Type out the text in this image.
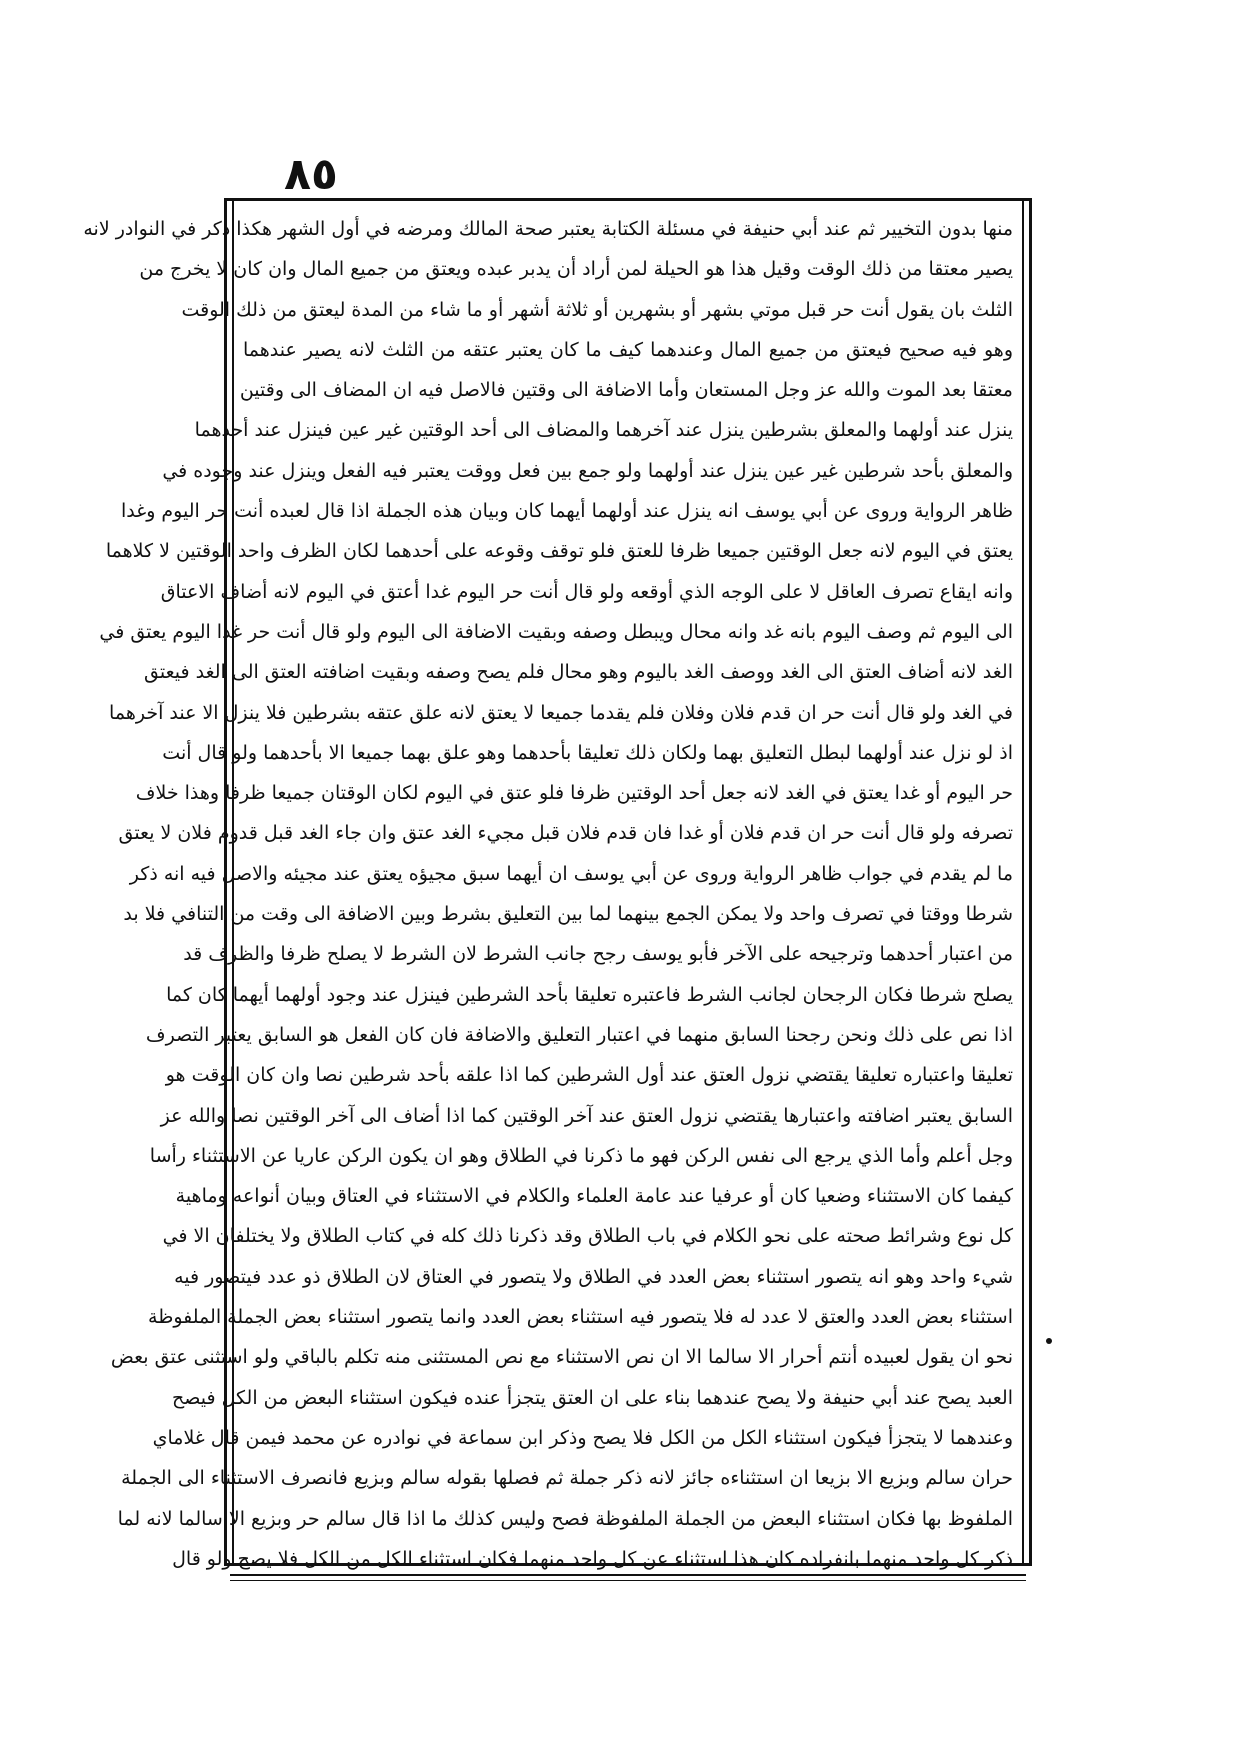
٨٥
منها بدون التخيير ثم عند أبي حنيفة في مسئلة الكتابة يعتبر صحة المالك ومرضه في أول الشهر هكذا ذكر في النوادر لانه
يصير معتقا من ذلك الوقت وقيل هذا هو الحيلة لمن أراد أن يدبر عبده ويعتق من جميع المال وان كان لا يخرج من
الثلث بان يقول أنت حر قبل موتي بشهر أو بشهرين أو ثلاثة أشهر أو ما شاء من المدة ليعتق من ذلك الوقت
وهو فيه صحيح فيعتق من جميع المال وعندهما كيف ما كان يعتبر عتقه من الثلث لانه يصير عندهما
معتقا بعد الموت والله عز وجل المستعان وأما الاضافة الى وقتين فالاصل فيه ان المضاف الى وقتين
ينزل عند أولهما والمعلق بشرطين ينزل عند آخرهما والمضاف الى أحد الوقتين غير عين فينزل عند أحدهما
والمعلق بأحد شرطين غير عين ينزل عند أولهما ولو جمع بين فعل ووقت يعتبر فيه الفعل وينزل عند وجوده في
ظاهر الرواية وروى عن أبي يوسف انه ينزل عند أولهما أيهما كان وبيان هذه الجملة اذا قال لعبده أنت حر اليوم وغدا
يعتق في اليوم لانه جعل الوقتين جميعا ظرفا للعتق فلو توقف وقوعه على أحدهما لكان الظرف واحد الوقتين لا كلاهما
وانه ايقاع تصرف العاقل لا على الوجه الذي أوقعه ولو قال أنت حر اليوم غدا أعتق في اليوم لانه أضاف الاعتاق
الى اليوم ثم وصف اليوم بانه غد وانه محال ويبطل وصفه وبقيت الاضافة الى اليوم ولو قال أنت حر غدا اليوم يعتق في
الغد لانه أضاف العتق الى الغد ووصف الغد باليوم وهو محال فلم يصح وصفه وبقيت اضافته العتق الى الغد فيعتق
في الغد ولو قال أنت حر ان قدم فلان وفلان فلم يقدما جميعا لا يعتق لانه علق عتقه بشرطين فلا ينزل الا عند آخرهما
اذ لو نزل عند أولهما لبطل التعليق بهما ولكان ذلك تعليقا بأحدهما وهو علق بهما جميعا الا بأحدهما ولو قال أنت
حر اليوم أو غدا يعتق في الغد لانه جعل أحد الوقتين ظرفا فلو عتق في اليوم لكان الوقتان جميعا ظرفا وهذا خلاف
تصرفه ولو قال أنت حر ان قدم فلان أو غدا فان قدم فلان قبل مجيء الغد عتق وان جاء الغد قبل قدوم فلان لا يعتق
ما لم يقدم في جواب ظاهر الرواية وروى عن أبي يوسف ان أيهما سبق مجيؤه يعتق عند مجيئه والاصل فيه انه ذكر
شرطا ووقتا في تصرف واحد ولا يمكن الجمع بينهما لما بين التعليق بشرط وبين الاضافة الى وقت من التنافي فلا بد
من اعتبار أحدهما وترجيحه على الآخر فأبو يوسف رجح جانب الشرط لان الشرط لا يصلح ظرفا والظرف قد
يصلح شرطا فكان الرجحان لجانب الشرط فاعتبره تعليقا بأحد الشرطين فينزل عند وجود أولهما أيهما كان كما
اذا نص على ذلك ونحن رجحنا السابق منهما في اعتبار التعليق والاضافة فان كان الفعل هو السابق يعتبر التصرف
تعليقا واعتباره تعليقا يقتضي نزول العتق عند أول الشرطين كما اذا علقه بأحد شرطين نصا وان كان الوقت هو
السابق يعتبر اضافته واعتبارها يقتضي نزول العتق عند آخر الوقتين كما اذا أضاف الى آخر الوقتين نصا والله عز
وجل أعلم وأما الذي يرجع الى نفس الركن فهو ما ذكرنا في الطلاق وهو ان يكون الركن عاريا عن الاستثناء رأسا
كيفما كان الاستثناء وضعيا كان أو عرفيا عند عامة العلماء والكلام في الاستثناء في العتاق وبيان أنواعه وماهية
كل نوع وشرائط صحته على نحو الكلام في باب الطلاق وقد ذكرنا ذلك كله في كتاب الطلاق ولا يختلفان الا في
شيء واحد وهو انه يتصور استثناء بعض العدد في الطلاق ولا يتصور في العتاق لان الطلاق ذو عدد فيتصور فيه
استثناء بعض العدد والعتق لا عدد له فلا يتصور فيه استثناء بعض العدد وانما يتصور استثناء بعض الجملة الملفوظة
نحو ان يقول لعبيده أنتم أحرار الا سالما الا ان نص الاستثناء مع نص المستثنى منه تكلم بالباقي ولو استثنى عتق بعض
العبد يصح عند أبي حنيفة ولا يصح عندهما بناء على ان العتق يتجزأ عنده فيكون استثناء البعض من الكل فيصح
وعندهما لا يتجزأ فيكون استثناء الكل من الكل فلا يصح وذكر ابن سماعة في نوادره عن محمد فيمن قال غلاماي
حران سالم وبزيع الا بزيعا ان استثناءه جائز لانه ذكر جملة ثم فصلها بقوله سالم وبزيع فانصرف الاستثناء الى الجملة
الملفوظ بها فكان استثناء البعض من الجملة الملفوظة فصح وليس كذلك ما اذا قال سالم حر وبزيع الا سالما لانه لما
ذكر كل واحد منهما بانفراده كان هذا استثناء عن كل واحد منهما فكان استثناء الكل من الكل فلا يصح ولو قال
